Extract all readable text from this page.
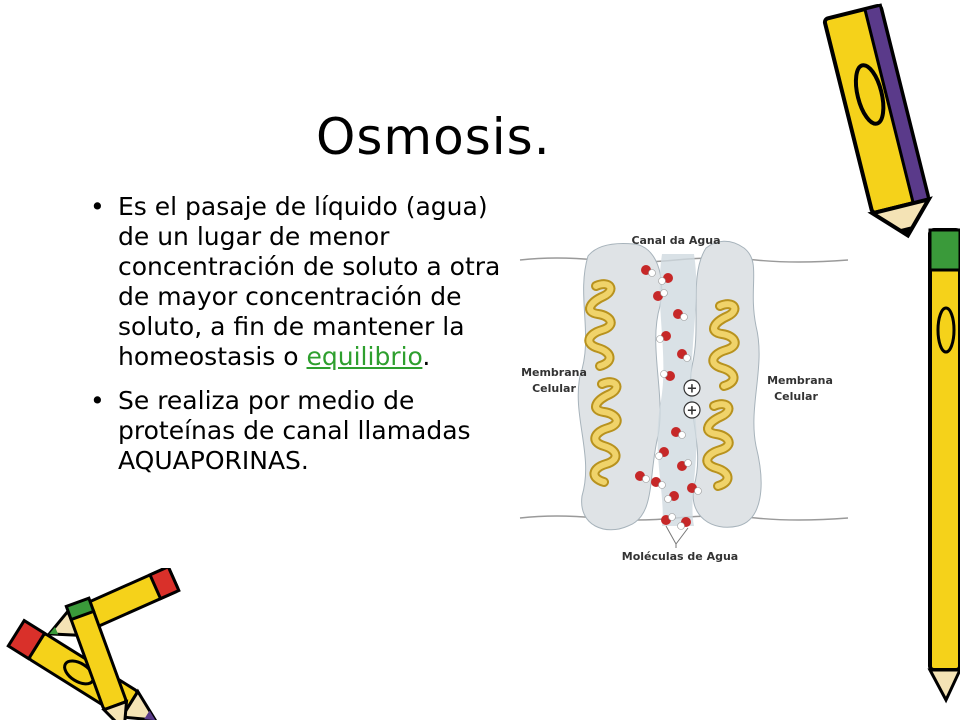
Osmosis.
• Es el pasaje de líquido (agua) de un lugar de menor concentración de soluto a otra de mayor concentración de soluto, a fin de mantener la homeostasis o equilibrio.
• Se realiza por medio de proteínas de canal llamadas AQUAPORINAS.
+
+
Canal da Agua
Membrana
Celular
Membrana
Celular
Moléculas de Agua
